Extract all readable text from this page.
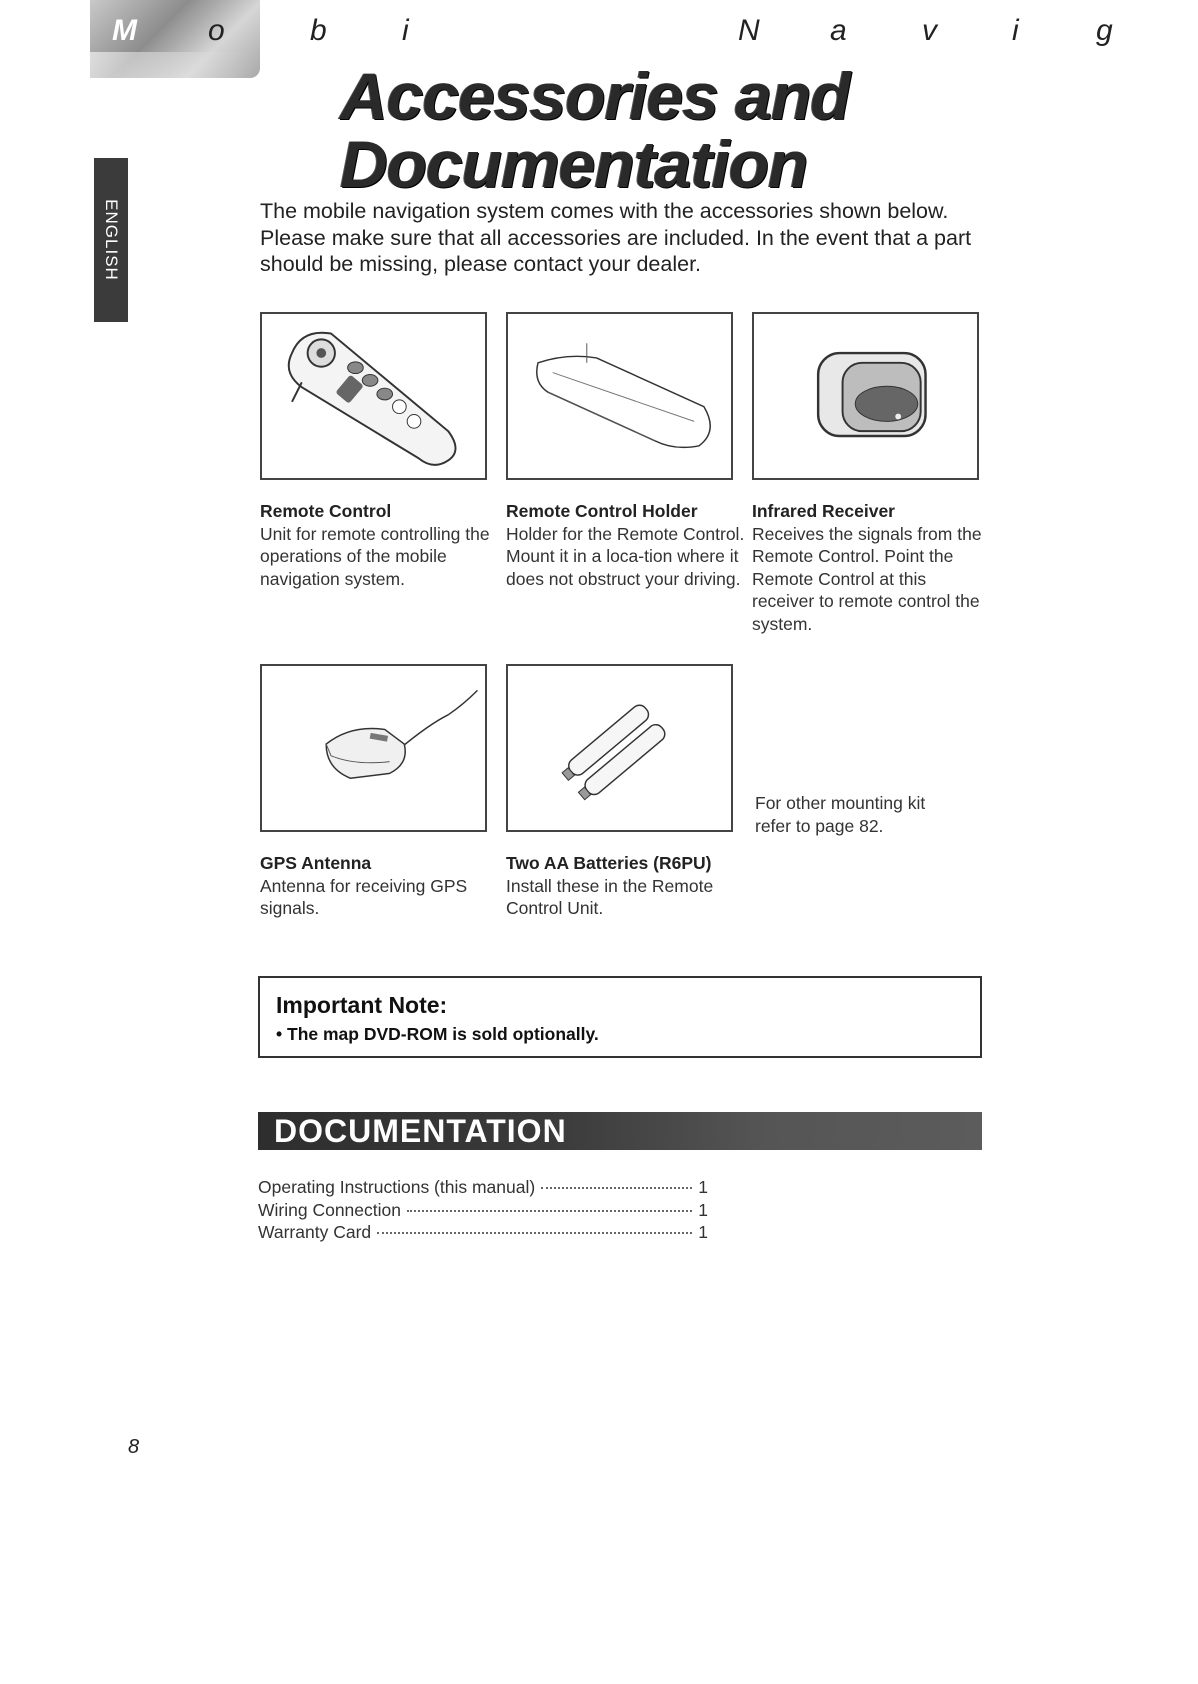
M o	b	i	N a	v	i	g
ENGLISH
Accessories and
Documentation

The mobile navigation system comes with the accessories shown below. Please make sure that all accessories are included. In the event that a part should be missing, please contact your dealer.

Remote Control
Unit for remote controlling the operations of the mobile navigation system.
Remote Control Holder
Holder for the Remote Control. Mount it in a loca-tion where it does not obstruct your driving.
Infrared Receiver
Receives the signals from the Remote Control. Point the Remote Control at this receiver to remote control the system.
For other mounting kit refer to page 82.
GPS Antenna
Antenna for receiving GPS signals.
Two AA Batteries (R6PU)
Install these in the Remote Control Unit.
Important Note:
• The map DVD-ROM is sold optionally.
DOCUMENTATION
Operating Instructions (this manual)	1
Wiring Connection	1
Warranty Card	1
8
